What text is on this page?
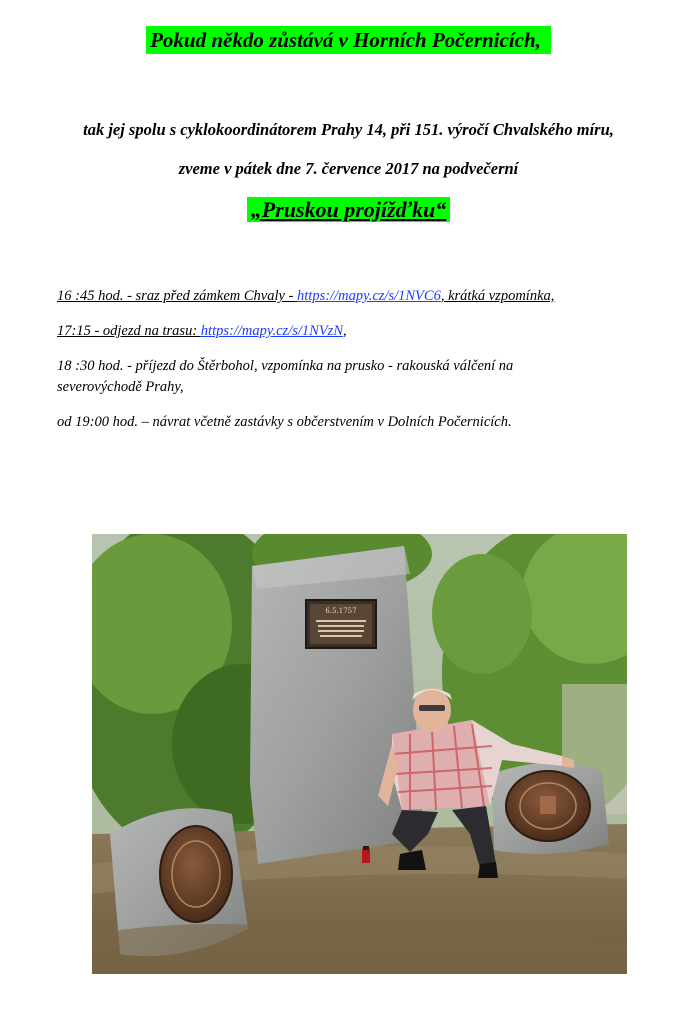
Pokud někdo zůstává v Horních Počernicích,
tak jej spolu s cyklokoordinátorem Prahy 14, při 151. výročí Chvalského míru,
zveme v pátek dne 7. července 2017 na podvečerní
„Pruskou projížďku“
16 :45 hod. - sraz před zámkem Chvaly - https://mapy.cz/s/1NVC6, krátká vzpomínka,
17:15 - odjezd na trasu: https://mapy.cz/s/1NVzN,
18 :30 hod. - příjezd do Štěrbohol, vzpomínka na prusko - rakouská válčení na severovýchodě Prahy,
od 19:00 hod. – návrat včetně zastávky s občerstvením v Dolních Počernicích.
6.5.1757
